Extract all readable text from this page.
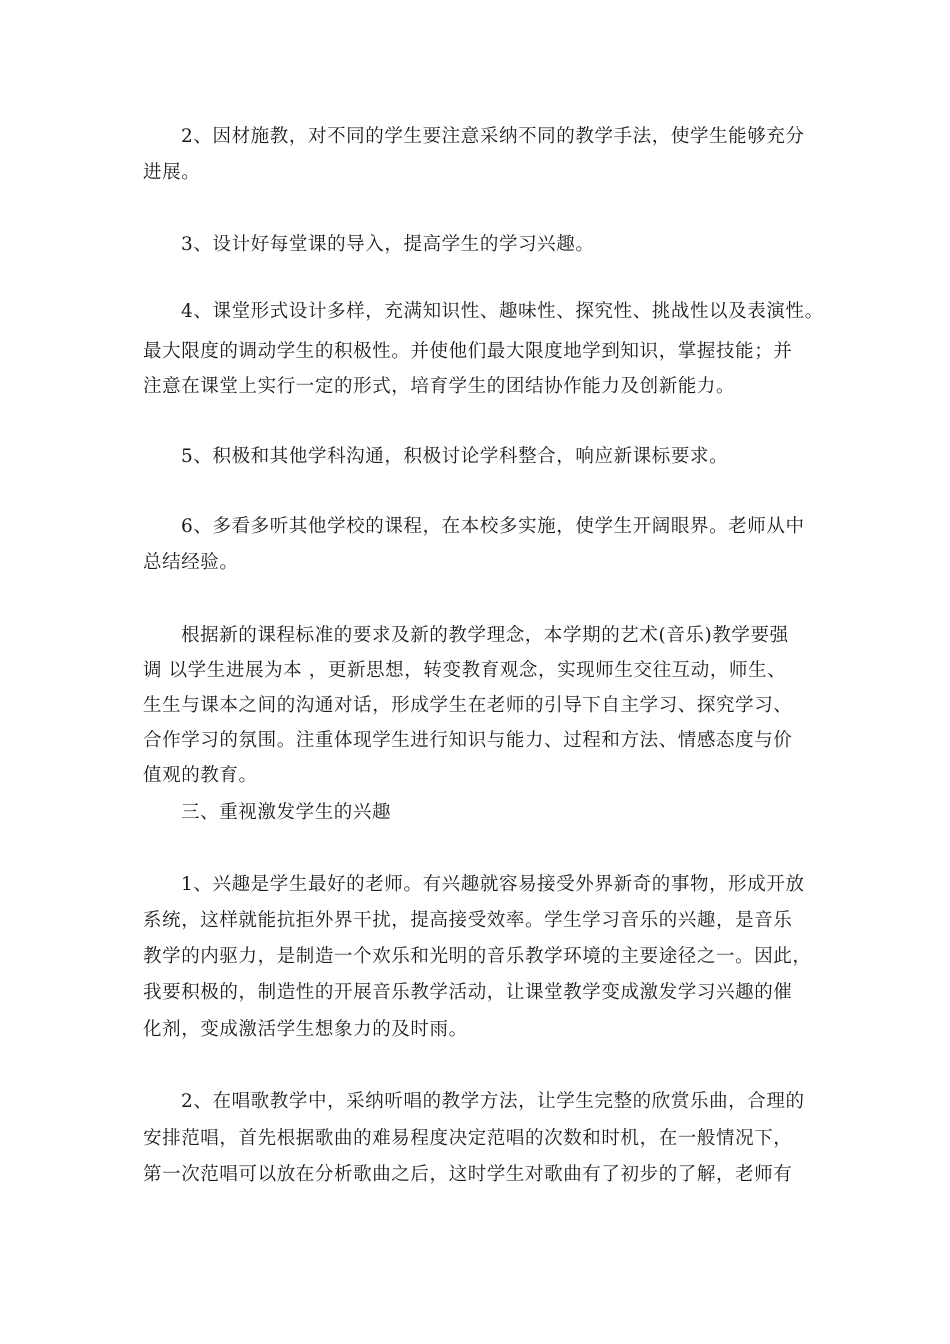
2、因材施教，对不同的学生要注意采纳不同的教学手法，使学生能够充分
进展。
3、设计好每堂课的导入，提高学生的学习兴趣。
4、课堂形式设计多样，充满知识性、趣味性、探究性、挑战性以及表演性。
最大限度的调动学生的积极性。并使他们最大限度地学到知识，掌握技能；并
注意在课堂上实行一定的形式，培育学生的团结协作能力及创新能力。
5、积极和其他学科沟通，积极讨论学科整合，响应新课标要求。
6、多看多听其他学校的课程，在本校多实施，使学生开阔眼界。老师从中
总结经验。
根据新的课程标准的要求及新的教学理念，本学期的艺术(音乐)教学要强
调 以学生进展为本 ，更新思想，转变教育观念，实现师生交往互动，师生、
生生与课本之间的沟通对话，形成学生在老师的引导下自主学习、探究学习、
合作学习的氛围。注重体现学生进行知识与能力、过程和方法、情感态度与价
值观的教育。
三、重视激发学生的兴趣
1、兴趣是学生最好的老师。有兴趣就容易接受外界新奇的事物，形成开放
系统，这样就能抗拒外界干扰，提高接受效率。学生学习音乐的兴趣，是音乐
教学的内驱力，是制造一个欢乐和光明的音乐教学环境的主要途径之一。因此，
我要积极的，制造性的开展音乐教学活动，让课堂教学变成激发学习兴趣的催
化剂，变成激活学生想象力的及时雨。
2、在唱歌教学中，采纳听唱的教学方法，让学生完整的欣赏乐曲，合理的
安排范唱，首先根据歌曲的难易程度决定范唱的次数和时机，在一般情况下，
第一次范唱可以放在分析歌曲之后，这时学生对歌曲有了初步的了解，老师有
